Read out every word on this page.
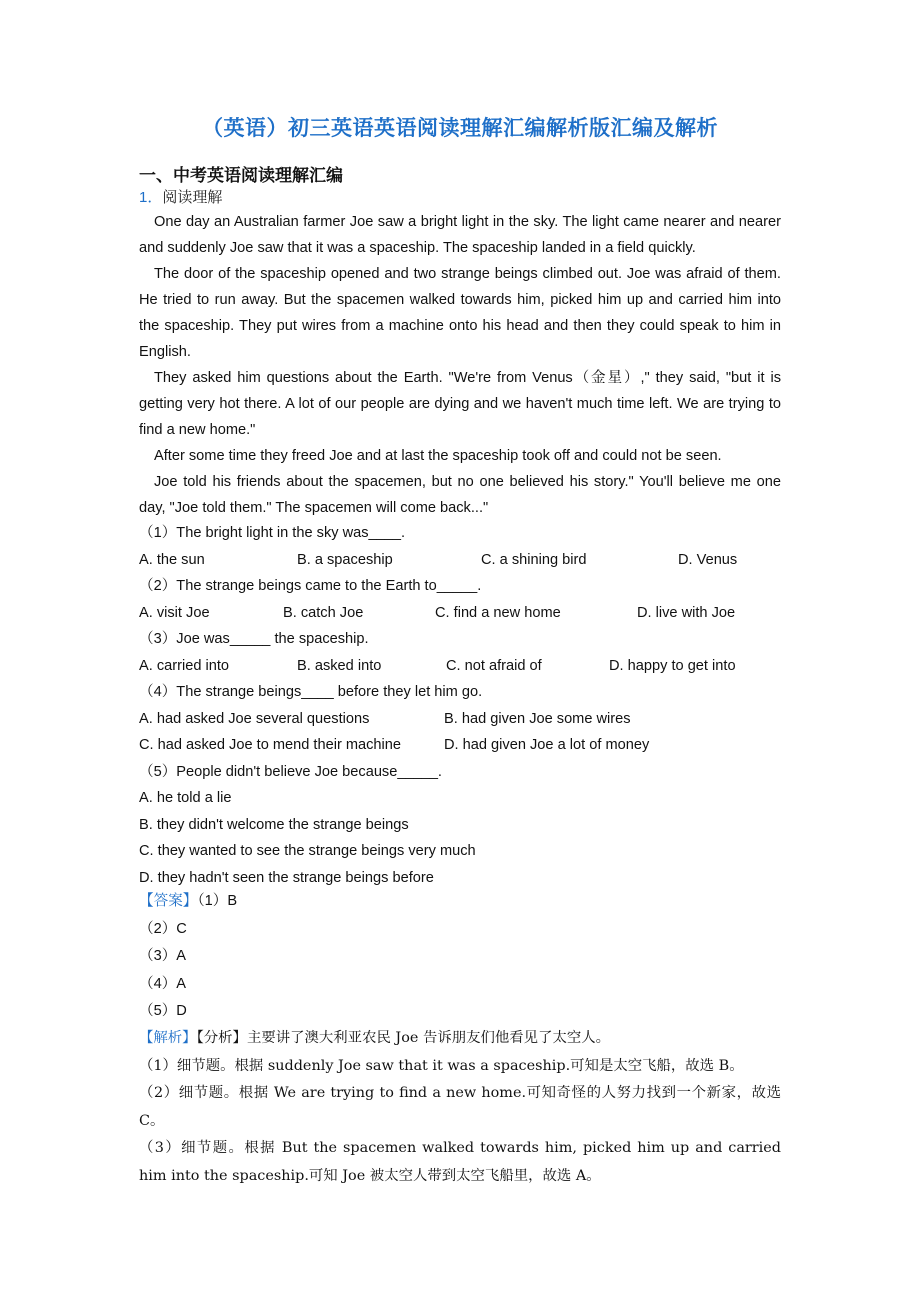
（英语）初三英语英语阅读理解汇编解析版汇编及解析
一、中考英语阅读理解汇编
1．阅读理解

One day an Australian farmer Joe saw a bright light in the sky. The light came nearer and nearer and suddenly Joe saw that it was a spaceship. The spaceship landed in a field quickly.

The door of the spaceship opened and two strange beings climbed out. Joe was afraid of them. He tried to run away. But the spacemen walked towards him, picked him up and carried him into the spaceship. They put wires from a machine onto his head and then they could speak to him in English.

They asked him questions about the Earth. "We're from Venus（金星）," they said, "but it is getting very hot there. A lot of our people are dying and we haven't much time left. We are trying to find a new home."

After some time they freed Joe and at last the spaceship took off and could not be seen.

Joe told his friends about the spacemen, but no one believed his story." You'll believe me one day, "Joe told them." The spacemen will come back..."

（1）The bright light in the sky was____.

A. the sun	B. a spaceship	C. a shining bird	D. Venus

（2）The strange beings came to the Earth to_____.

A. visit Joe	B. catch Joe	C. find a new home	D. live with Joe

（3）Joe was_____ the spaceship.

A. carried into	B. asked into	C. not afraid of	D. happy to get into

（4）The strange beings____ before they let him go.

A. had asked Joe several questions	B. had given Joe some wires
C. had asked Joe to mend their machine	D. had given Joe a lot of money

（5）People didn't believe Joe because_____.

A. he told a lie

B. they didn't welcome the strange beings

C. they wanted to see the strange beings very much

D. they hadn't seen the strange beings before

【答案】（1）B

（2）C

（3）A

（4）A

（5）D

【解析】【分析】主要讲了澳大利亚农民 Joe 告诉朋友们他看见了太空人。

（1）细节题。根据 suddenly Joe saw that it was a spaceship.可知是太空飞船，故选 B。

（2）细节题。根据 We are trying to find a new home.可知奇怪的人努力找到一个新家，故选 C。

（3）细节题。根据 But the spacemen walked towards him, picked him up and carried him into the spaceship.可知 Joe 被太空人带到太空飞船里，故选 A。
